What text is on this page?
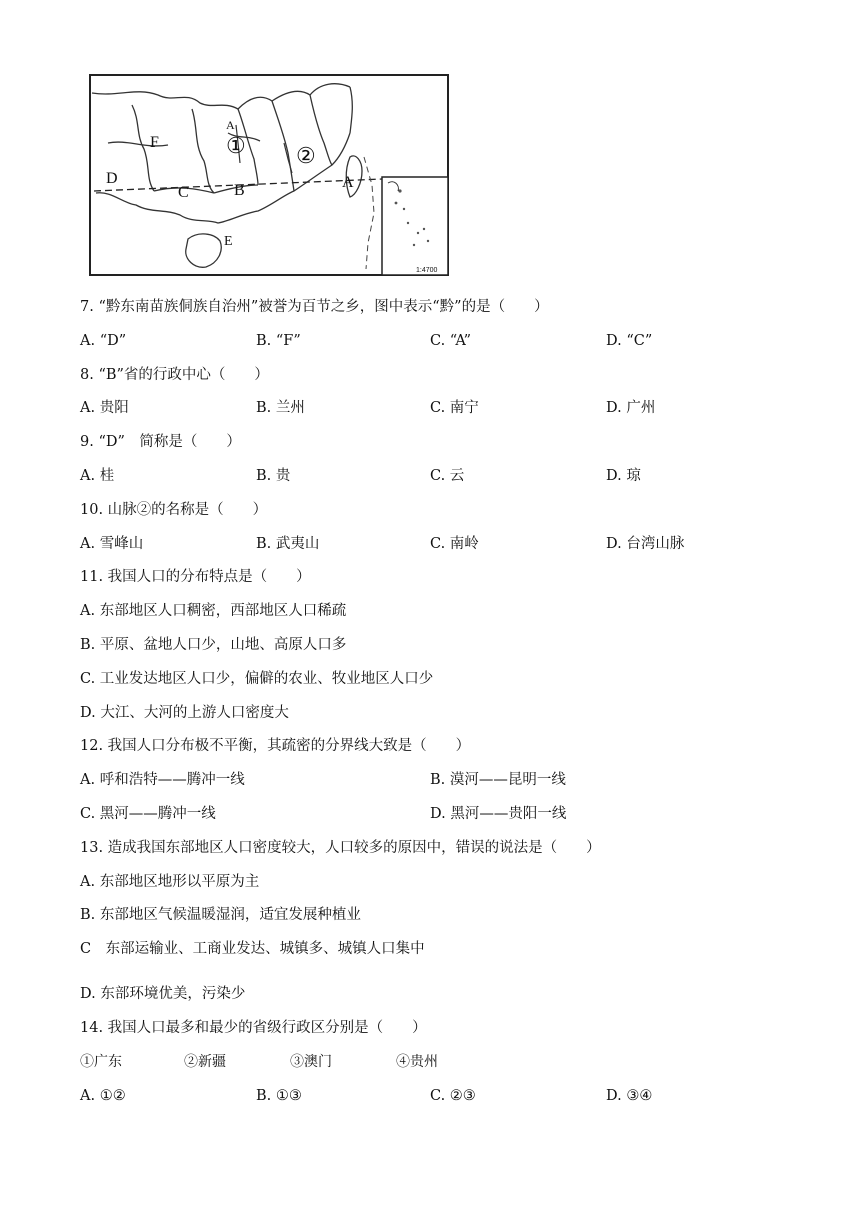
F
D
C	B
A
A
E
① ②
1:4700
7. “黔东南苗族侗族自治州”被誉为百节之乡，图中表示“黔”的是（　　）
A. “D”	B. “F”	C. “A”	D. “C”
8. “B”省的行政中心（　　）
A. 贵阳	B. 兰州	C. 南宁	D. 广州
9. “D”　简称是（　　）
A. 桂	B. 贵	C. 云	D. 琼
10. 山脉②的名称是（　　）
A. 雪峰山	B. 武夷山	C. 南岭	D. 台湾山脉
11. 我国人口的分布特点是（　　）
A. 东部地区人口稠密，西部地区人口稀疏
B. 平原、盆地人口少，山地、高原人口多
C. 工业发达地区人口少，偏僻的农业、牧业地区人口少
D. 大江、大河的上游人口密度大
12. 我国人口分布极不平衡，其疏密的分界线大致是（　　）
A. 呼和浩特——腾冲一线	B. 漠河——昆明一线
C. 黑河——腾冲一线	D. 黑河——贵阳一线
13. 造成我国东部地区人口密度较大，人口较多的原因中，错误的说法是（　　）
A. 东部地区地形以平原为主
B. 东部地区气候温暖湿润，适宜发展种植业
C　东部运输业、工商业发达、城镇多、城镇人口集中
D. 东部环境优美，污染少
14. 我国人口最多和最少的省级行政区分别是（　　）
①广东	②新疆	③澳门	④贵州
A. ①②	B. ①③	C. ②③	D. ③④
